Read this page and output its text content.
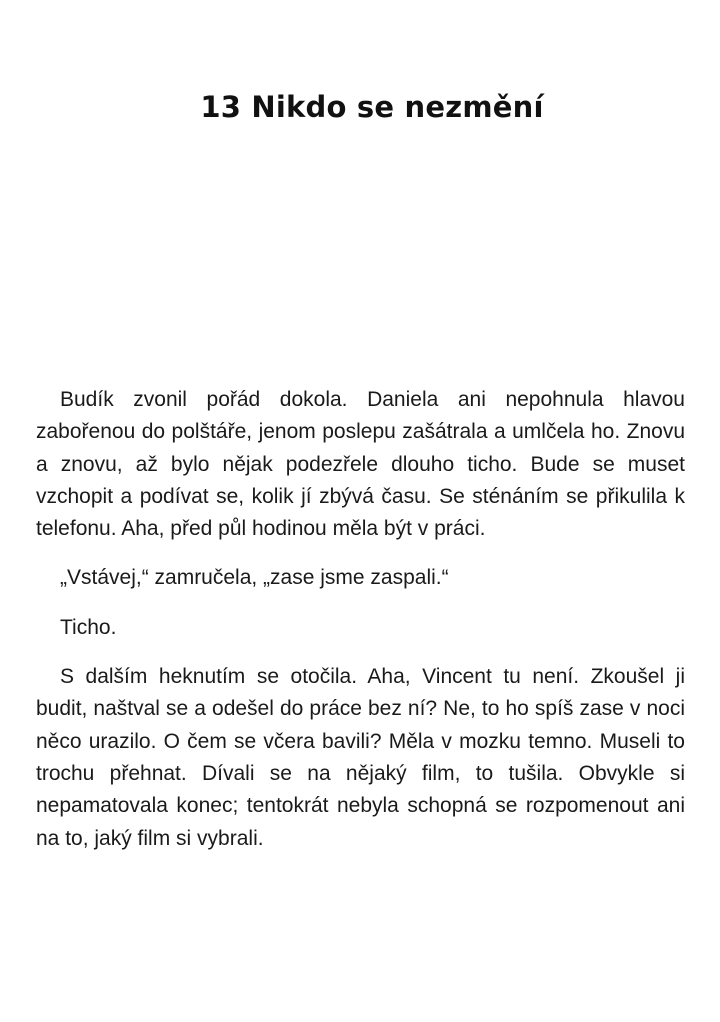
13 Nikdo se nezmění

Budík zvonil pořád dokola. Daniela ani nepohnula hlavou zabořenou do polštáře, jenom poslepu zašátrala a umlčela ho. Znovu a znovu, až bylo nějak podezřele dlouho ticho. Bude se muset vzchopit a podívat se, kolik jí zbývá času. Se sténáním se přikulila k telefonu. Aha, před půl hodinou měla být v práci.

„Vstávej,“ zamručela, „zase jsme zaspali.“

Ticho.

S dalším heknutím se otočila. Aha, Vincent tu není. Zkoušel ji budit, naštval se a odešel do práce bez ní? Ne, to ho spíš zase v noci něco urazilo. O čem se včera bavili? Měla v mozku temno. Museli to trochu přehnat. Dívali se na nějaký film, to tušila. Obvykle si nepamatovala konec; tentokrát nebyla schopná se rozpomenout ani na to, jaký film si vybrali.
